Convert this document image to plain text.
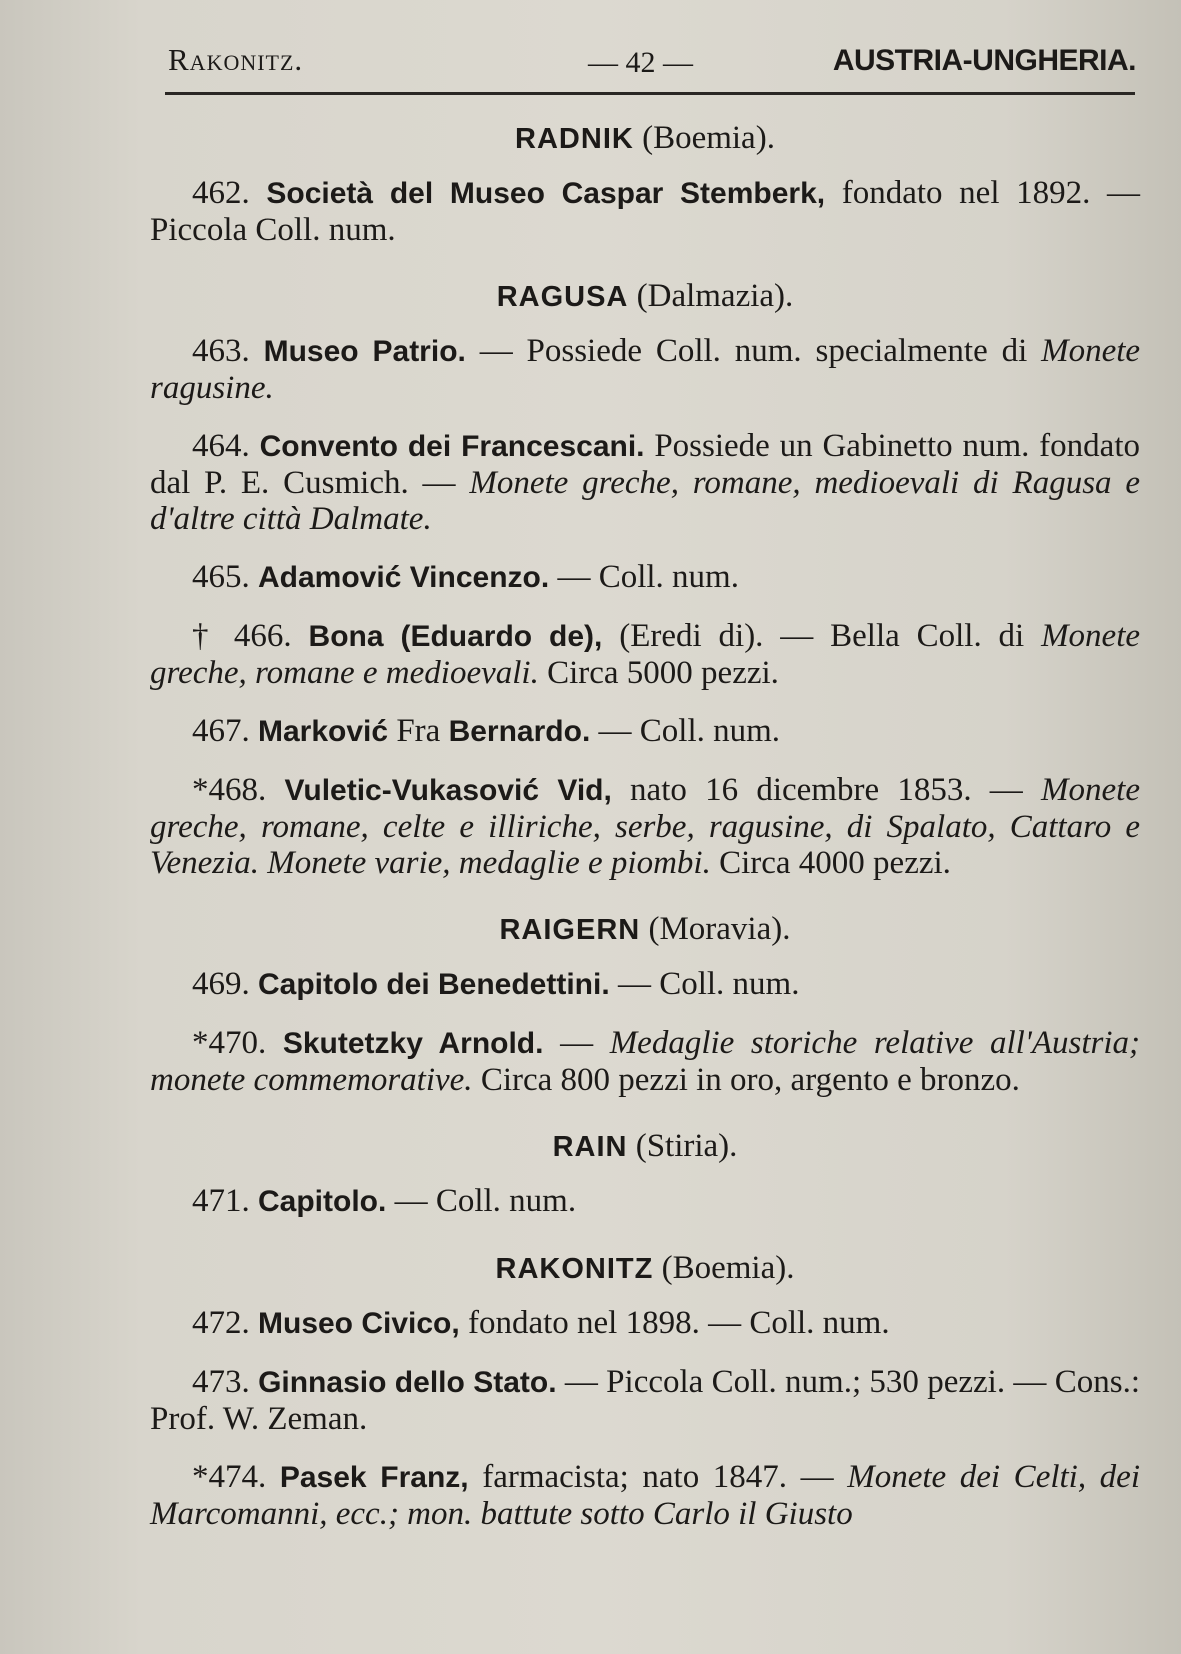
Rakonitz.	— 42 —	AUSTRIA-UNGHERIA.

RADNIK (Boemia).

462. Società del Museo Caspar Stemberk, fondato nel 1892. — Piccola Coll. num.

RAGUSA (Dalmazia).

463. Museo Patrio. — Possiede Coll. num. specialmente di Monete ragusine.

464. Convento dei Francescani. Possiede un Gabinetto num. fondato dal P. E. Cusmich. — Monete greche, romane, medioevali di Ragusa e d'altre città Dalmate.

465. Adamović Vincenzo. — Coll. num.

† 466. Bona (Eduardo de), (Eredi di). — Bella Coll. di Monete greche, romane e medioevali. Circa 5000 pezzi.

467. Marković Fra Bernardo. — Coll. num.

*468. Vuletic-Vukasović Vid, nato 16 dicembre 1853. — Monete greche, romane, celte e illiriche, serbe, ragusine, di Spalato, Cattaro e Venezia. Monete varie, medaglie e piombi. Circa 4000 pezzi.

RAIGERN (Moravia).

469. Capitolo dei Benedettini. — Coll. num.

*470. Skutetzky Arnold. — Medaglie storiche relative all'Austria; monete commemorative. Circa 800 pezzi in oro, argento e bronzo.

RAIN (Stiria).

471. Capitolo. — Coll. num.

RAKONITZ (Boemia).

472. Museo Civico, fondato nel 1898. — Coll. num.

473. Ginnasio dello Stato. — Piccola Coll. num.; 530 pezzi. — Cons.: Prof. W. Zeman.

*474. Pasek Franz, farmacista; nato 1847. — Monete dei Celti, dei Marcomanni, ecc.; mon. battute sotto Carlo il Giusto
